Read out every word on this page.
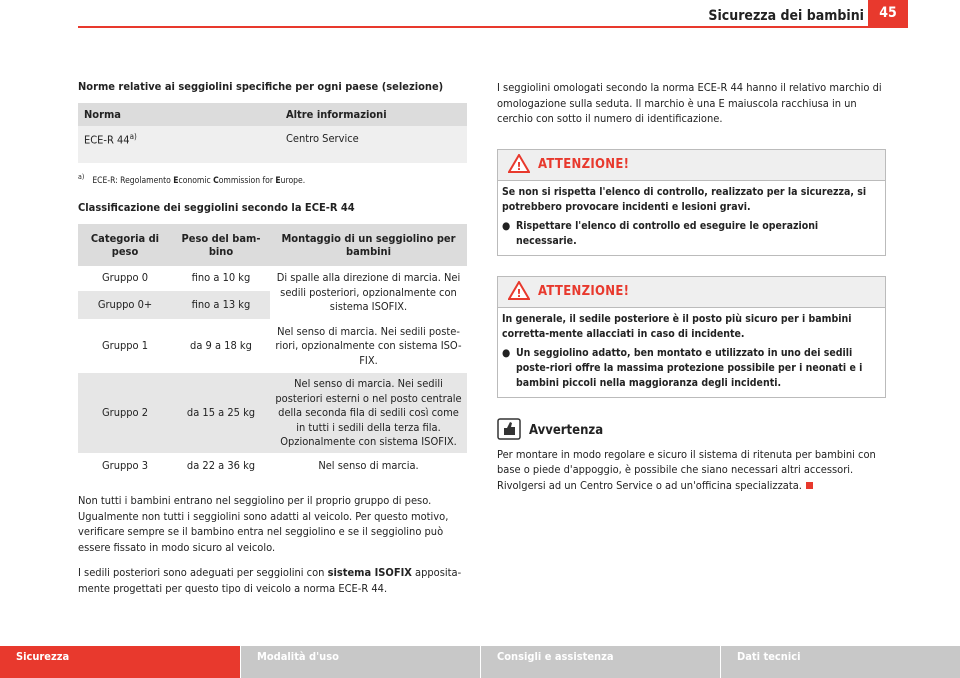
Sicurezza dei bambini	45
Norme relative ai seggiolini specifiche per ogni paese (selezione)
Norma	Altre informazioni
ECE-R 44$^{a)}$	Centro Service
$^{a)}$ ECE-R: Regolamento Economic Commission for Europe.
Classificazione dei seggiolini secondo la ECE-R 44
Categoria di peso	Peso del bam-bino	Montaggio di un seggiolino per bambini
Gruppo 0	fino a 10 kg	Di spalle alla direzione di marcia. Nei sedili posteriori, opzionalmente con sistema ISOFIX.
Gruppo 0+	fino a 13 kg	
Gruppo 1	da 9 a 18 kg	Nel senso di marcia. Nei sedili poste-riori, opzionalmente con sistema ISO-FIX.
Gruppo 2	da 15 a 25 kg	Nel senso di marcia. Nei sedili posteriori esterni o nel posto centrale della seconda fila di sedili così come in tutti i sedili della terza fila. Opzionalmente con sistema ISOFIX.
Gruppo 3	da 22 a 36 kg	Nel senso di marcia.

Non tutti i bambini entrano nel seggiolino per il proprio gruppo di peso. Ugualmente non tutti i seggiolini sono adatti al veicolo. Per questo motivo, verificare sempre se il bambino entra nel seggiolino e se il seggiolino può essere fissato in modo sicuro al veicolo.

I sedili posteriori sono adeguati per seggiolini con sistema ISOFIX apposita-mente progettati per questo tipo di veicolo a norma ECE-R 44.

I seggiolini omologati secondo la norma ECE-R 44 hanno il relativo marchio di omologazione sulla seduta. Il marchio è una E maiuscola racchiusa in un cerchio con sotto il numero di identificazione.

! ATTENZIONE!
Se non si rispetta l'elenco di controllo, realizzato per la sicurezza, si potrebbero provocare incidenti e lesioni gravi.
● Rispettare l'elenco di controllo ed eseguire le operazioni necessarie.
! ATTENZIONE!
In generale, il sedile posteriore è il posto più sicuro per i bambini corretta-mente allacciati in caso di incidente.
● Un seggiolino adatto, ben montato e utilizzato in uno dei sedili poste-riori offre la massima protezione possibile per i neonati e i bambini piccoli nella maggioranza degli incidenti.
Avvertenza

Per montare in modo regolare e sicuro il sistema di ritenuta per bambini con base o piede d'appoggio, è possibile che siano necessari altri accessori. Rivolgersi ad un Centro Service o ad un'officina specializzata.

Sicurezza	Modalità d'uso	Consigli e assistenza	Dati tecnici
